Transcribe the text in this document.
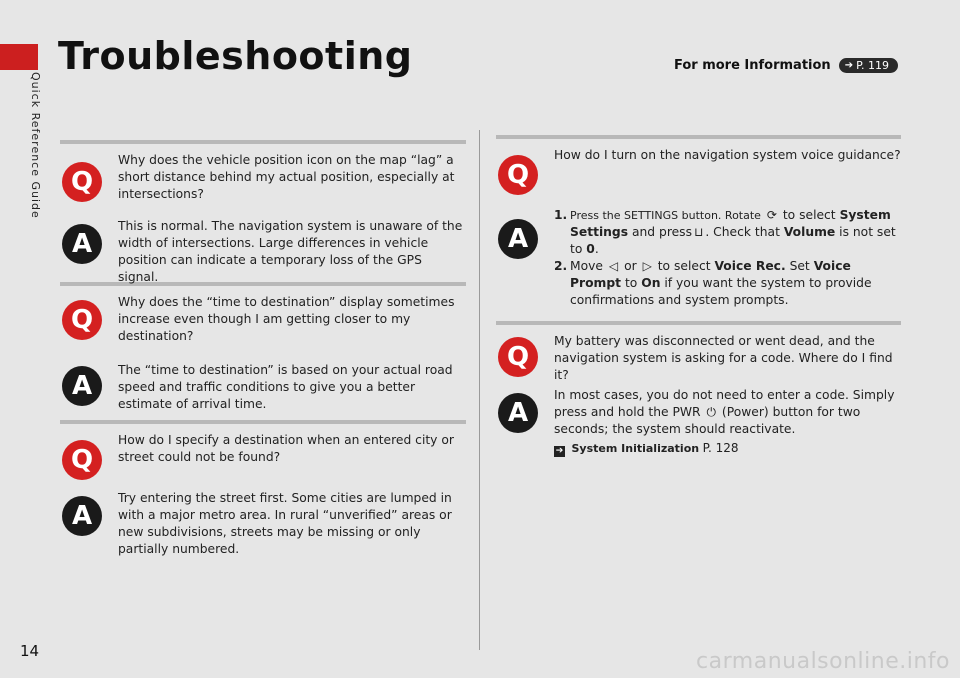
Quick Reference Guide
Troubleshooting	For more Information ➔ P. 119
Q
Why does the vehicle position icon on the map “lag” a short distance behind my actual position, especially at intersections?
A
This is normal. The navigation system is unaware of the width of intersections. Large differences in vehicle position can indicate a temporary loss of the GPS signal.
Q
Why does the “time to destination” display sometimes increase even though I am getting closer to my destination?
A
The “time to destination” is based on your actual road speed and traffic conditions to give you a better estimate of arrival time.
Q
How do I specify a destination when an entered city or street could not be found?
A
Try entering the street first. Some cities are lumped in with a major metro area. In rural “unverified” areas or new subdivisions, streets may be missing or only partially numbered.
Q
How do I turn on the navigation system voice guidance?
A
1. Press the SETTINGS button. Rotate ⟳ to select System Settings and press ⊔ . Check that Volume is not set to 0.
2. Move ◁ or ▷ to select Voice Rec. Set Voice Prompt to On if you want the system to provide confirmations and system prompts.
Q
My battery was disconnected or went dead, and the navigation system is asking for a code. Where do I find it?
A
In most cases, you do not need to enter a code. Simply press and hold the PWR ⏻ (Power) button for two seconds; the system should reactivate.
➔ System Initialization P. 128
14	carmanualsonline.info
